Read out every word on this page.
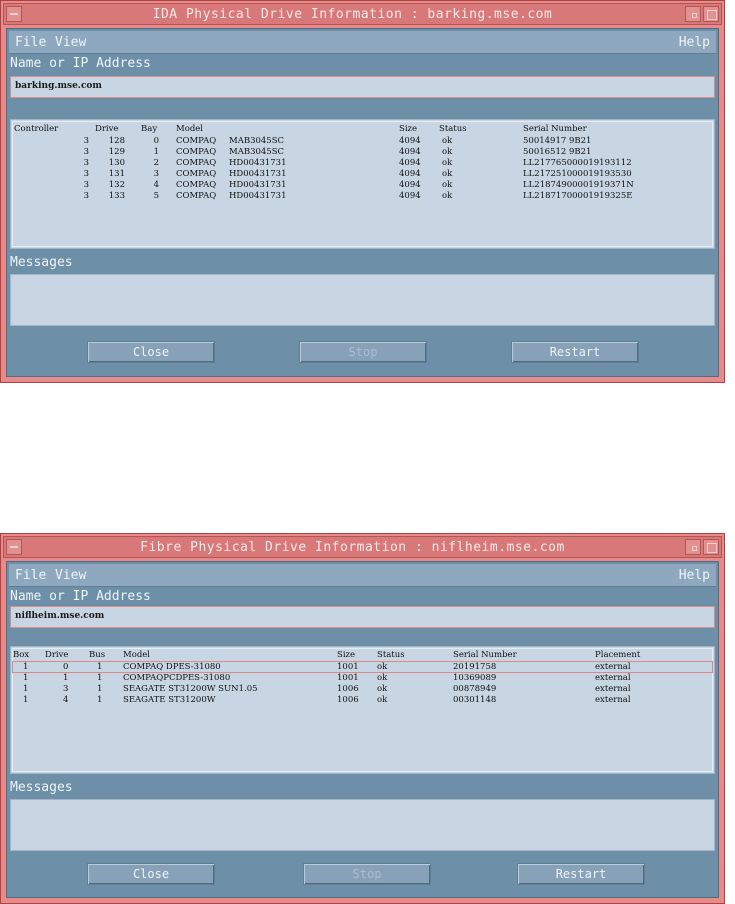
IDA Physical Drive Information : barking.mse.com
File View	Help
Name or IP Address
barking.mse.com
Controller	Drive	Bay Model	Size	Status	Serial Number
3	128	0 COMPAQ MAB3045SC	4094	ok	50014917 9B21
3	129	1 COMPAQ MAB3045SC	4094	ok	50016512 9B21
3	130	2 COMPAQ HD00431731	4094	ok	LL217765000019193112
3	131	3 COMPAQ HD00431731	4094	ok	LL217251000019193530
3	132	4 COMPAQ HD00431731	4094	ok	LL21874900001919371N
3	133	5 COMPAQ HD00431731	4094	ok	LL21871700001919325E
Messages
Close	Stop	Restart
Fibre Physical Drive Information : niflheim.mse.com
File View	Help
Name or IP Address
niflheim.mse.com
Box Drive Bus Model	Size	Status	Serial Number	Placement
1	0	1 COMPAQ DPES-31080	1001 ok	20191758	external
1	1	1 COMPAQPCDPES-31080	1001 ok	10369089	external
1	3	1 SEAGATE ST31200W SUN1.05	1006 ok	00878949	external
1	4	1 SEAGATE ST31200W	1006 ok	00301148	external
Messages
Close	Stop	Restart
